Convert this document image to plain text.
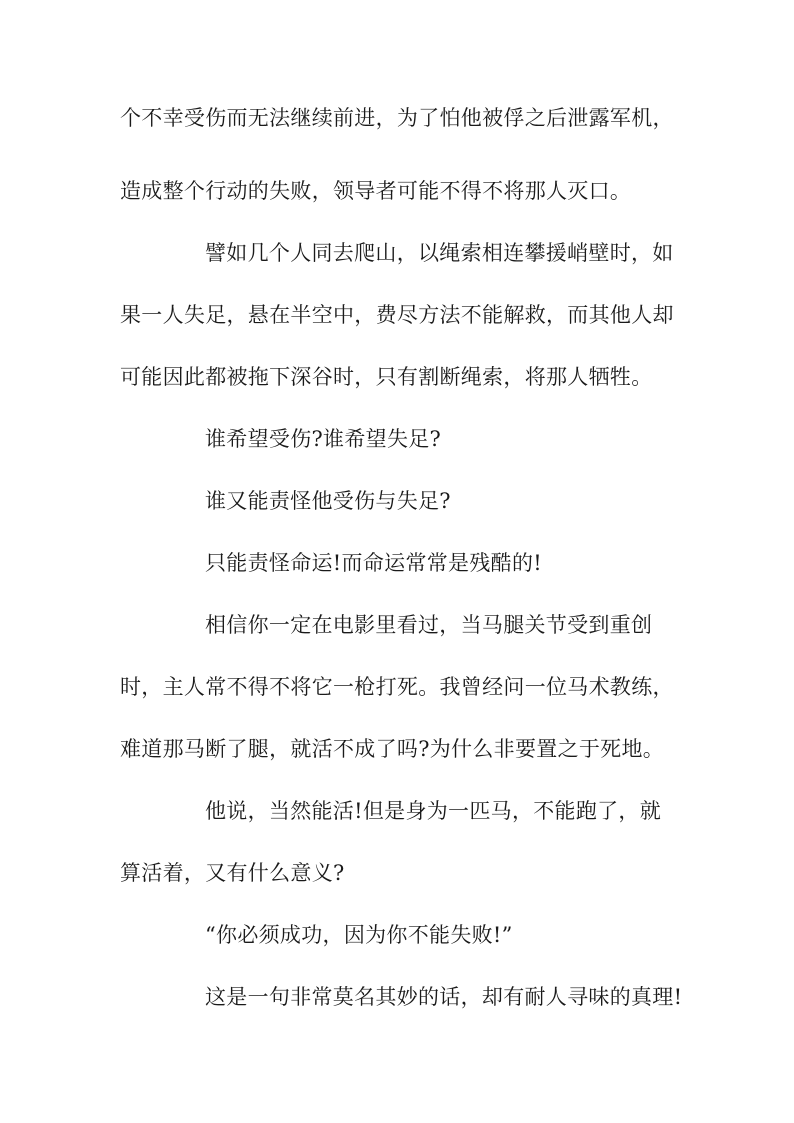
个不幸受伤而无法继续前进，为了怕他被俘之后泄露军机，
造成整个行动的失败，领导者可能不得不将那人灭口。
譬如几个人同去爬山，以绳索相连攀援峭壁时，如
果一人失足，悬在半空中，费尽方法不能解救，而其他人却
可能因此都被拖下深谷时，只有割断绳索，将那人牺牲。
谁希望受伤?谁希望失足?
谁又能责怪他受伤与失足?
只能责怪命运!而命运常常是残酷的!
相信你一定在电影里看过，当马腿关节受到重创
时，主人常不得不将它一枪打死。我曾经问一位马术教练，
难道那马断了腿，就活不成了吗?为什么非要置之于死地。
他说，当然能活!但是身为一匹马，不能跑了，就
算活着，又有什么意义?
“你必须成功，因为你不能失败!”
这是一句非常莫名其妙的话，却有耐人寻味的真理!
